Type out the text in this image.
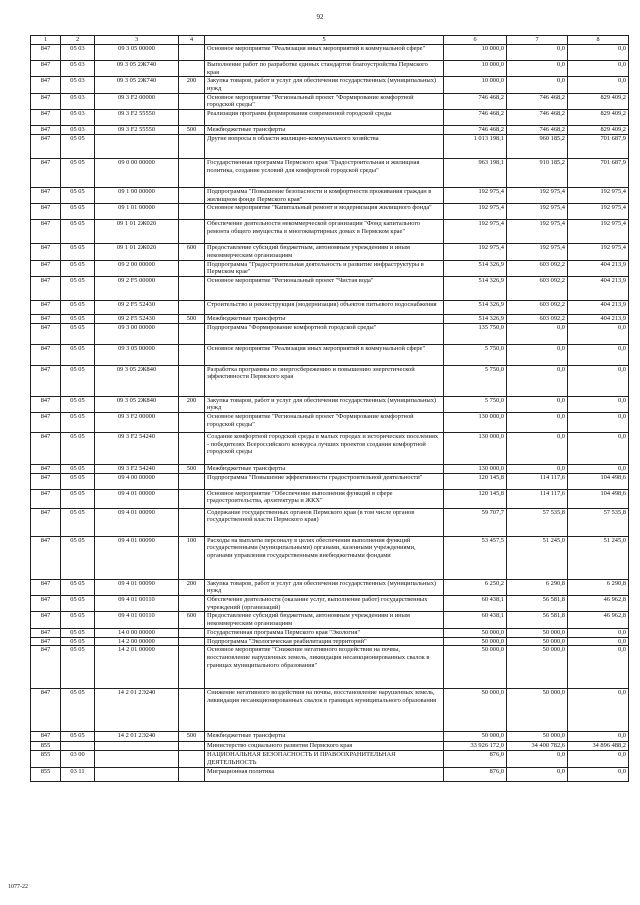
92
1	2	3	4	5	6	7	8
847	05 03	09 3 05 00000		Основное мероприятие "Реализация иных мероприятий в коммунальной сфере"	10 000,0	0,0	0,0
847	05 03	09 3 05 2Ж740		Выполнение работ по разработке единых стандартов благоустройства Пермского края	10 000,0	0,0	0,0
847	05 03	09 3 05 2Ж740	200	Закупка товаров, работ и услуг для обеспечения государственных (муниципальных) нужд	10 000,0	0,0	0,0
847	05 03	09 3 F2 00000		Основное мероприятие "Региональный проект "Формирование комфортной городской среды"	746 468,2	746 468,2	829 409,2
847	05 03	09 3 F2 55550		Реализация программ формирования современной городской среды	746 468,2	746 468,2	829 409,2
847	05 03	09 3 F2 55550	500	Межбюджетные трансферты	746 468,2	746 468,2	829 409,2
847	05 05			Другие вопросы в области жилищно-коммунального хозяйства	1 013 198,1	960 185,2	701 687,9
847	05 05	09 0 00 00000		Государственная программа Пермского края "Градостроительная и жилищная политика, создание условий для комфортной городской среды"	963 198,1	910 185,2	701 687,9
847	05 05	09 1 00 00000		Подпрограмма "Повышение безопасности и комфортности проживания граждан в жилищном фонде Пермского края"	192 975,4	192 975,4	192 975,4
847	05 05	09 1 01 00000		Основное мероприятие "Капитальный ремонт и модернизация жилищного фонда"	192 975,4	192 975,4	192 975,4
847	05 05	09 1 01 2Ж020		Обеспечение деятельности некоммерческой организации "Фонд капитального ремонта общего имущества в многоквартирных домах в Пермском крае"	192 975,4	192 975,4	192 975,4
847	05 05	09 1 01 2Ж020	600	Предоставление субсидий бюджетным, автономным учреждениям и иным некоммерческим организациям	192 975,4	192 975,4	192 975,4
847	05 05	09 2 00 00000		Подпрограмма "Градостроительная деятельность и развитие инфраструктуры в Пермском крае"	514 326,9	603 092,2	404 213,9
847	05 05	09 2 F5 00000		Основное мероприятие "Региональный проект "Чистая вода"	514 326,9	603 092,2	404 213,9
847	05 05	09 2 F5 52430		Строительство и реконструкция (модернизация) объектов питьевого водоснабжения	514 326,9	603 092,2	404 213,9
847	05 05	09 2 F5 52430	500	Межбюджетные трансферты	514 326,9	603 092,2	404 213,9
847	05 05	09 3 00 00000		Подпрограмма "Формирование комфортной городской среды"	135 750,0	0,0	0,0
847	05 05	09 3 05 00000		Основное мероприятие "Реализация иных мероприятий в коммунальной сфере"	5 750,0	0,0	0,0
847	05 05	09 3 05 2Ж840		Разработка программы по энергосбережению и повышению энергетической эффективности Пермского края	5 750,0	0,0	0,0
847	05 05	09 3 05 2Ж840	200	Закупка товаров, работ и услуг для обеспечения государственных (муниципальных) нужд	5 750,0	0,0	0,0
847	05 05	09 3 F2 00000		Основное мероприятие "Региональный проект "Формирование комфортной городской среды"	130 000,0	0,0	0,0
847	05 05	09 3 F2 54240		Создание комфортной городской среды в малых городах и исторических поселениях - победителях Всероссийского конкурса лучших проектов создания комфортной городской среды	130 000,0	0,0	0,0
847	05 05	09 3 F2 54240	500	Межбюджетные трансферты	130 000,0	0,0	0,0
847	05 05	09 4 00 00000		Подпрограмма "Повышение эффективности градостроительной деятельности"	120 145,8	114 117,6	104 498,6
847	05 05	09 4 01 00000		Основное мероприятие "Обеспечение выполнения функций в сфере градостроительства, архитектуры и ЖКХ"	120 145,8	114 117,6	104 498,6
847	05 05	09 4 01 00090		Содержание государственных органов Пермского края (в том числе органов государственной власти Пермского края)	59 707,7	57 535,8	57 535,8
847	05 05	09 4 01 00090	100	Расходы на выплаты персоналу в целях обеспечения выполнения функций государственными (муниципальными) органами, казенными учреждениями, органами управления государственными внебюджетными фондами	53 457,5	51 245,0	51 245,0
847	05 05	09 4 01 00090	200	Закупка товаров, работ и услуг для обеспечения государственных (муниципальных) нужд	6 250,2	6 290,8	6 290,8
847	05 05	09 4 01 00110		Обеспечение деятельности (оказание услуг, выполнение работ) государственных учреждений (организаций)	60 438,1	56 581,8	46 962,8
847	05 05	09 4 01 00110	600	Предоставление субсидий бюджетным, автономным учреждениям и иным некоммерческим организациям	60 438,1	56 581,8	46 962,8
847	05 05	14 0 00 00000		Государственная программа Пермского края "Экология"	50 000,0	50 000,0	0,0
847	05 05	14 2 00 00000		Подпрограмма "Экологическая реабилитация территорий"	50 000,0	50 000,0	0,0
847	05 05	14 2 01 00000		Основное мероприятие "Снижение негативного воздействия на почвы, восстановление нарушенных земель, ликвидация несанкционированных свалок в границах муниципального образования"	50 000,0	50 000,0	0,0
847	05 05	14 2 01 2Э240		Снижение негативного воздействия на почвы, восстановление нарушенных земель, ликвидация несанкционированных свалок в границах муниципального образования	50 000,0	50 000,0	0,0
847	05 05	14 2 01 2Э240	500	Межбюджетные трансферты	50 000,0	50 000,0	0,0
855				Министерство социального развития Пермского края	33 926 172,0	34 400 782,6	34 896 488,2
855	03 00			НАЦИОНАЛЬНАЯ БЕЗОПАСНОСТЬ И ПРАВООХРАНИТЕЛЬНАЯ ДЕЯТЕЛЬНОСТЬ	876,0	0,0	0,0
855	03 11			Миграционная политика	876,0	0,0	0,0
1077-22
